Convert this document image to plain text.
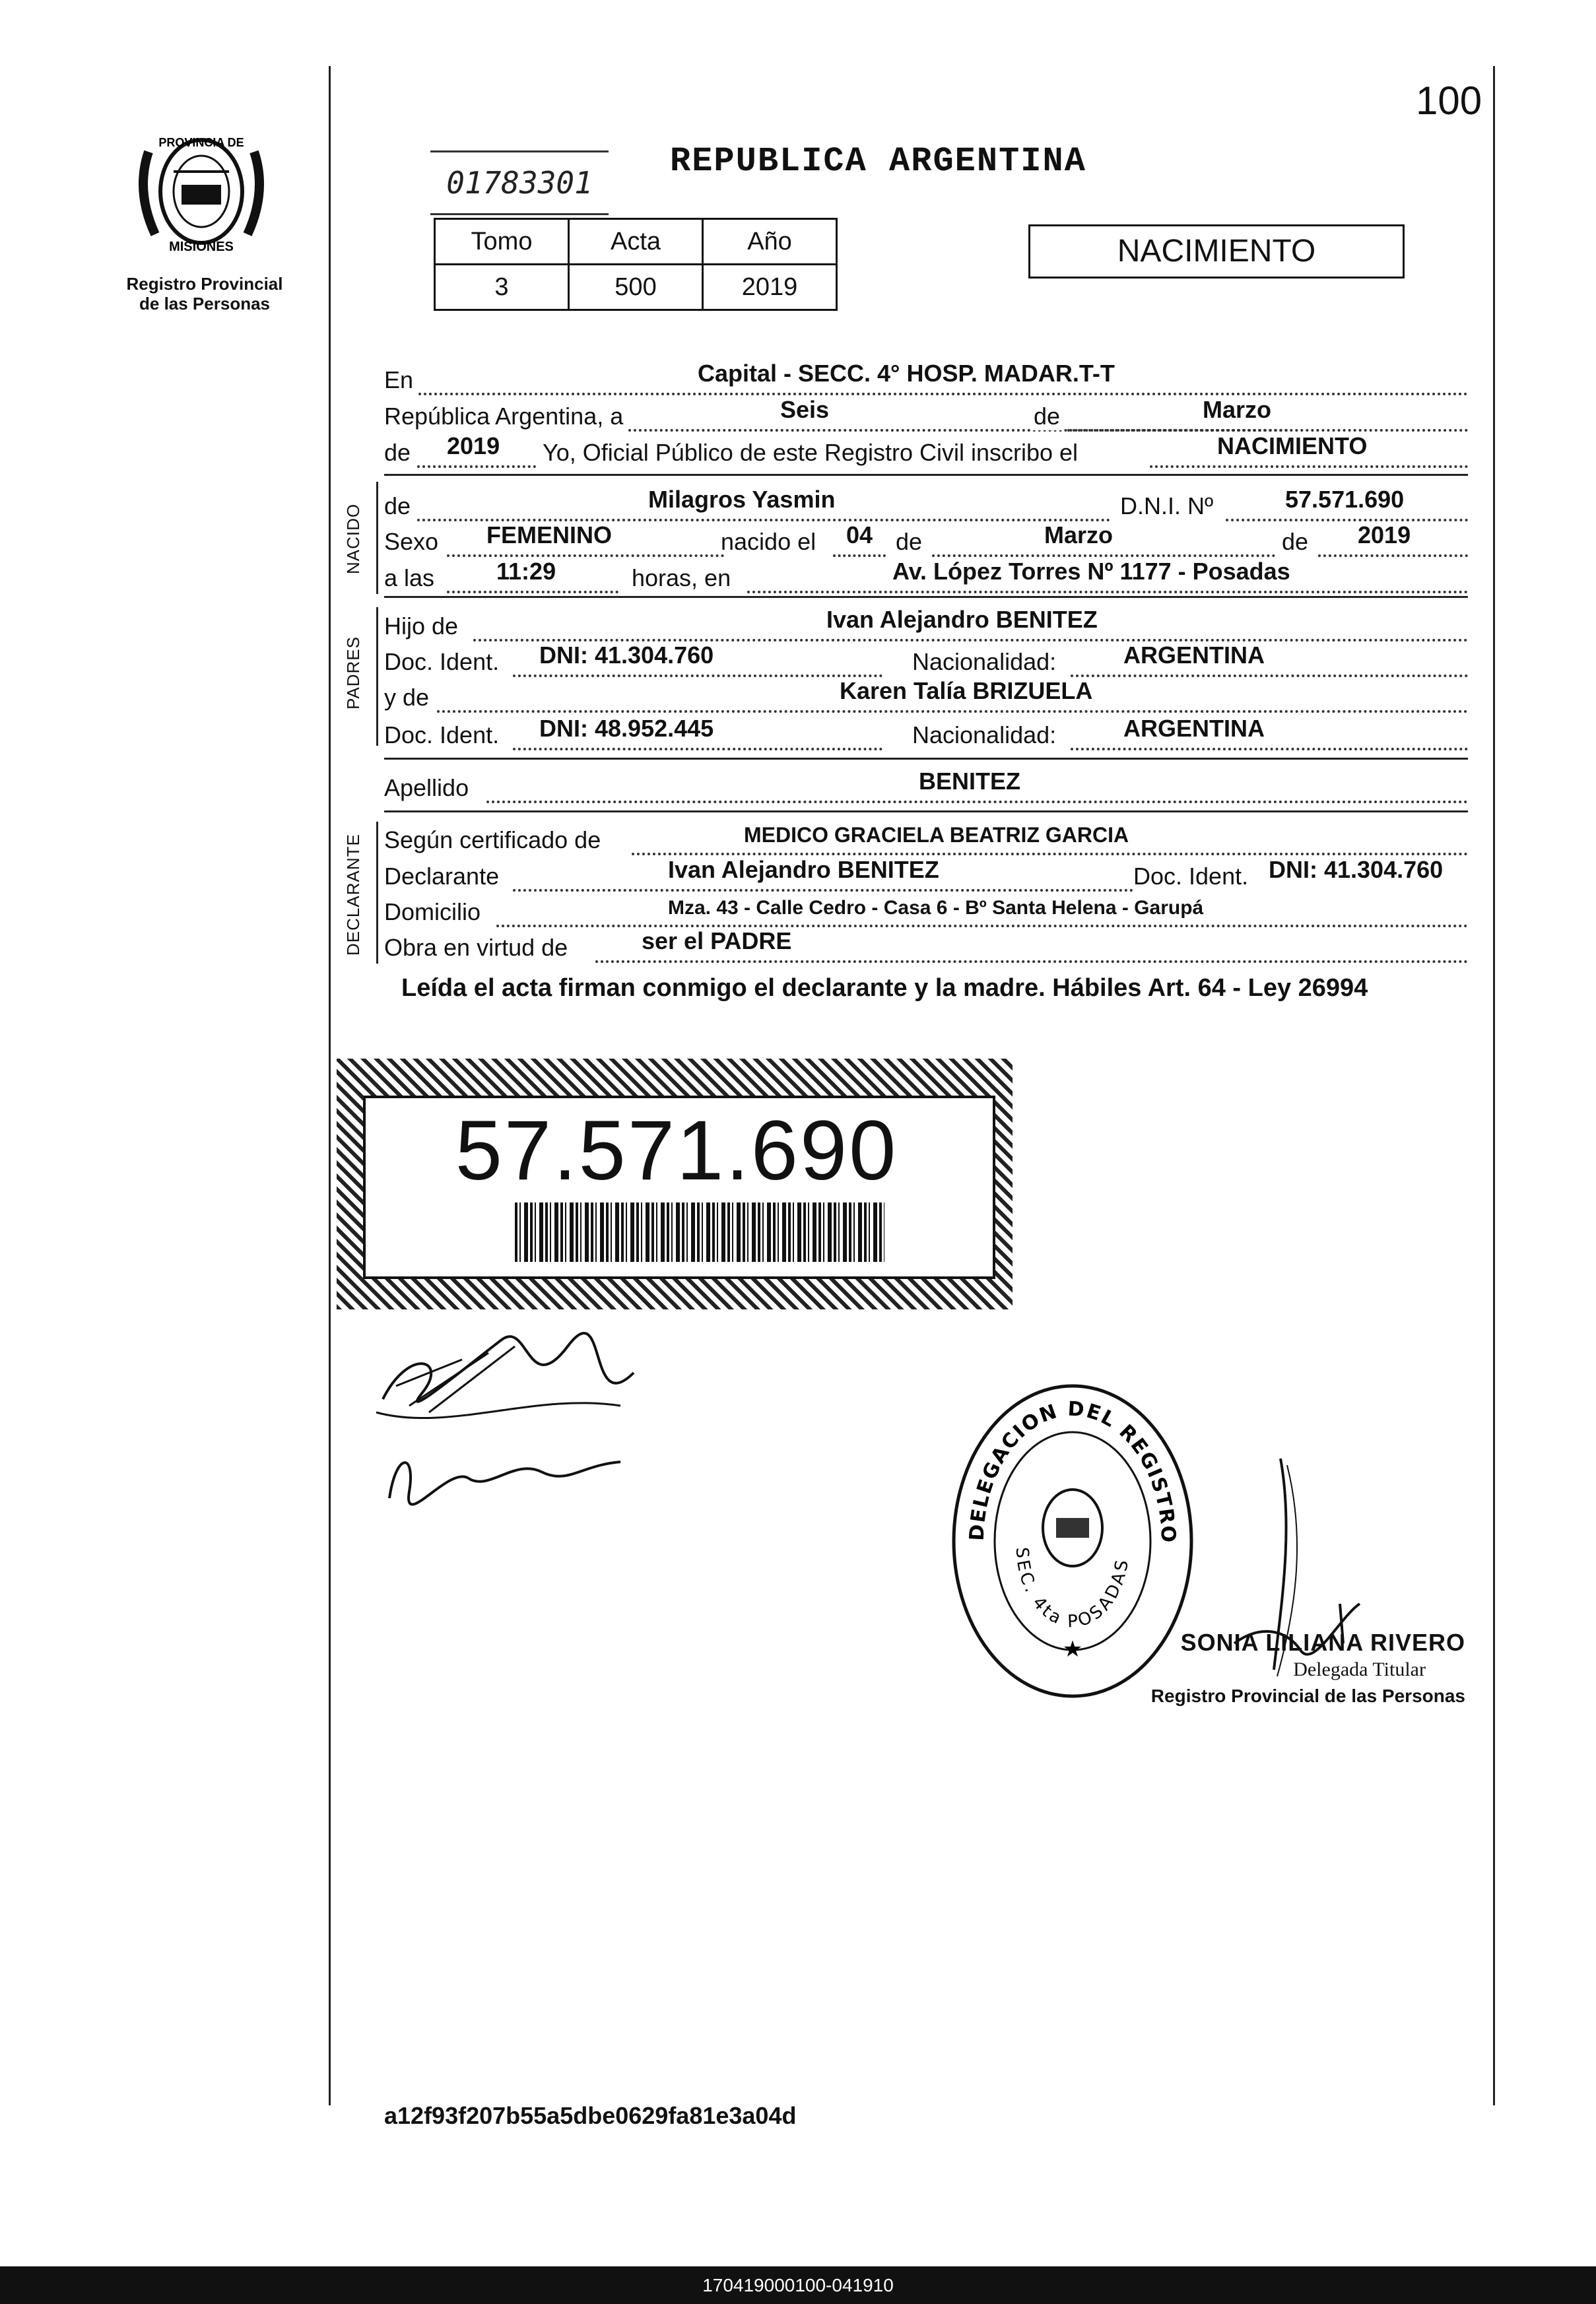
PROVINCIA DE
MISIONES
Registro Provincial
de las Personas
100
01783301
REPUBLICA ARGENTINA
Tomo	Acta	Año
3	500	2019
NACIMIENTO
En	Capital - SECC. 4° HOSP. MADAR.T-T
República Argentina, a	Seis	de	Marzo
de 2019 Yo, Oficial Público de este Registro Civil inscribo el	NACIMIENTO
NACIDO de	Milagros Yasmin	D.N.I. Nº	57.571.690
Sexo FEMENINO	nacido el 04 de	Marzo	de 2019
a las	11:29	horas, en	Av. López Torres Nº 1177 - Posadas
PADRES
Hijo de	Ivan Alejandro BENITEZ
Doc. Ident. DNI: 41.304.760	Nacionalidad:	ARGENTINA
y de	Karen Talía BRIZUELA
Doc. Ident. DNI: 48.952.445	Nacionalidad:	ARGENTINA
Apellido	BENITEZ
DECLARANTE Según certificado de	MEDICO GRACIELA BEATRIZ GARCIA
Declarante	Ivan Alejandro BENITEZ	Doc. Ident. DNI: 41.304.760
Domicilio	Mza. 43 - Calle Cedro - Casa 6 - Bº Santa Helena - Garupá
Obra en virtud de	ser el PADRE
Leída el acta firman conmigo el declarante y la madre. Hábiles Art. 64 - Ley 26994
57.571.690
DELEGACION DEL REGISTRO
SEC. 4ta POSADAS
★	SONIA LILIANA RIVERO
Delegada Titular
Registro Provincial de las Personas
a12f93f207b55a5dbe0629fa81e3a04d
170419000100-041910
